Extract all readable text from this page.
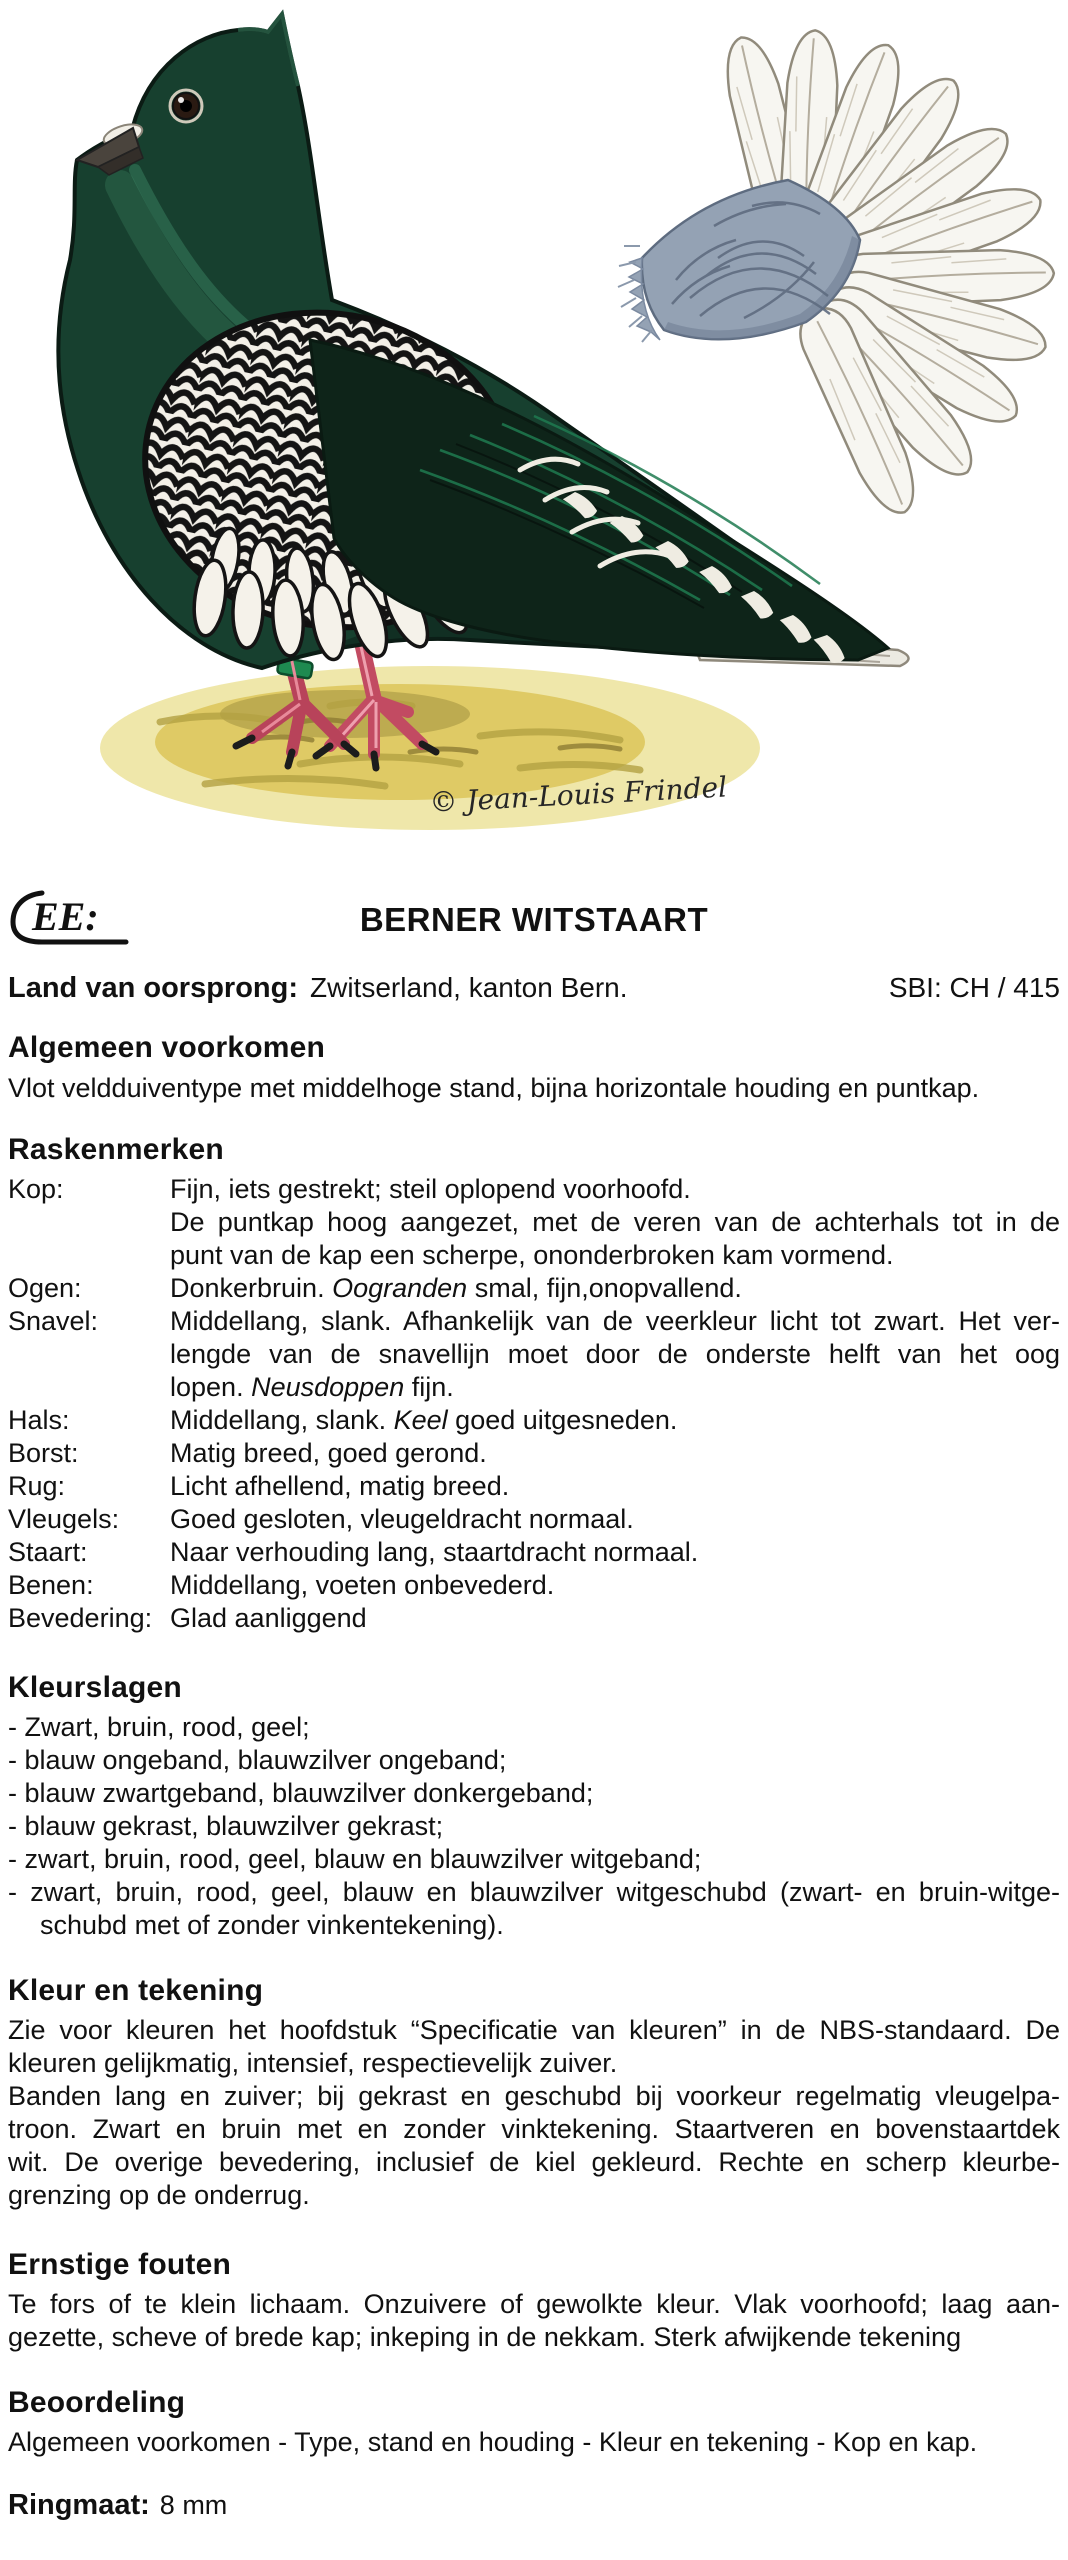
© Jean-Louis Frindel
EE:	BERNER WITSTAART
Land van oorsprong: Zwitserland, kanton Bern.	SBI: CH / 415
Algemeen voorkomen
Vlot veldduiventype met middelhoge stand, bijna horizontale houding en puntkap.
Raskenmerken
Kop:	Fijn, iets gestrekt; steil oplopend voorhoofd.
De puntkap hoog aangezet, met de veren van de achterhals tot in de
punt van de kap een scherpe, ononderbroken kam vormend.
Ogen:	Donkerbruin. Oogranden smal, fijn,onopvallend.
Snavel:	Middellang, slank. Afhankelijk van de veerkleur licht tot zwart. Het ver-
lengde van de snavellijn moet door de onderste helft van het oog
lopen. Neusdoppen fijn.
Hals:	Middellang, slank. Keel goed uitgesneden.
Borst:	Matig breed, goed gerond.
Rug:	Licht afhellend, matig breed.
Vleugels:	Goed gesloten, vleugeldracht normaal.
Staart:	Naar verhouding lang, staartdracht normaal.
Benen:	Middellang, voeten onbevederd.
Bevedering: Glad aanliggend
Kleurslagen
- Zwart, bruin, rood, geel;
- blauw ongeband, blauwzilver ongeband;
- blauw zwartgeband, blauwzilver donkergeband;
- blauw gekrast, blauwzilver gekrast;
- zwart, bruin, rood, geel, blauw en blauwzilver witgeband;
- zwart, bruin, rood, geel, blauw en blauwzilver witgeschubd (zwart- en bruin-witge-
schubd met of zonder vinkentekening).
Kleur en tekening
Zie voor kleuren het hoofdstuk “Specificatie van kleuren” in de NBS-standaard. De
kleuren gelijkmatig, intensief, respectievelijk zuiver.
Banden lang en zuiver; bij gekrast en geschubd bij voorkeur regelmatig vleugelpa-
troon. Zwart en bruin met en zonder vinktekening. Staartveren en bovenstaartdek
wit. De overige bevedering, inclusief de kiel gekleurd. Rechte en scherp kleurbe-
grenzing op de onderrug.
Ernstige fouten
Te fors of te klein lichaam. Onzuivere of gewolkte kleur. Vlak voorhoofd; laag aan-
gezette, scheve of brede kap; inkeping in de nekkam. Sterk afwijkende tekening
Beoordeling
Algemeen voorkomen - Type, stand en houding - Kleur en tekening - Kop en kap.
Ringmaat: 8 mm
